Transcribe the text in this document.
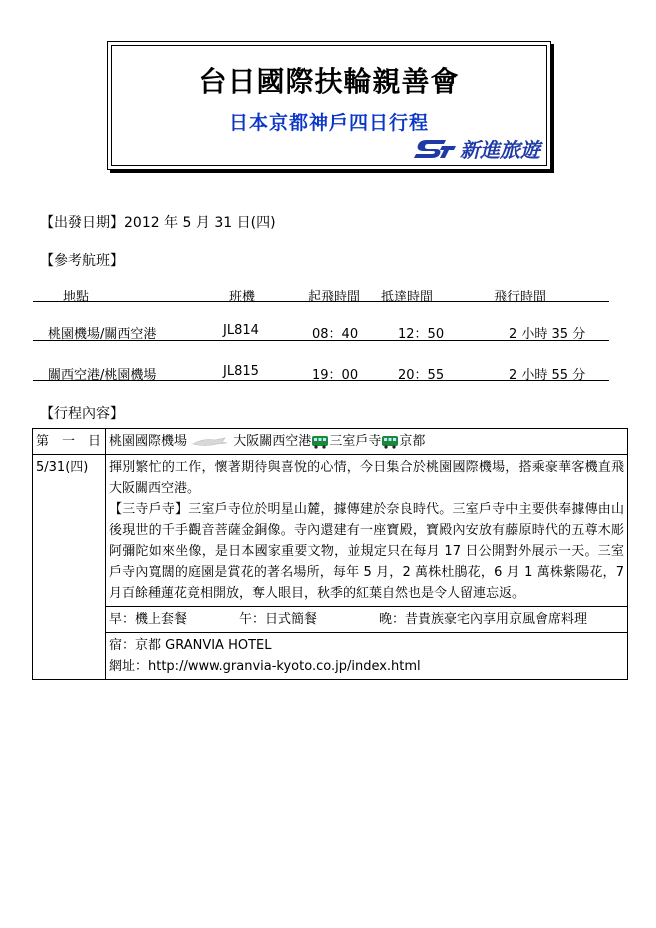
台日國際扶輪親善會
日本京都神戶四日行程
新進旅遊
【出發日期】2012 年 5 月 31 日(四)
【參考航班】
地點	班機	起飛時間 抵達時間	飛行時間
桃園機場/關西空港	JL814	08：40	12：50	2 小時 35 分
關西空港/桃園機場	JL815	19：00	20：55	2 小時 55 分
【行程內容】
第　一　日	桃園國際機場	大阪關西空港 三室戶寺 京都
5/31(四)	揮別繁忙的工作，懷著期待與喜悅的心情，今日集合於桃園國際機場，搭乘豪華客機直飛大阪關西空港。
【三寺戶寺】三室戶寺位於明星山麓，據傳建於奈良時代。三室戶寺中主要供奉據傳由山後現世的千手觀音菩薩金銅像。寺內還建有一座寶殿，寶殿內安放有藤原時代的五尊木彫阿彌陀如來坐像，是日本國家重要文物，並規定只在每月 17 日公開對外展示一天。三室戶寺內寬闊的庭園是賞花的著名場所，每年 5 月，2 萬株杜鵑花，6 月 1 萬株紫陽花，7 月百餘種蓮花竟相開放，奪人眼目，秋季的紅葉自然也是令人留連忘返。

早：機上套餐	午：日式簡餐	晚：昔貴族豪宅內享用京風會席料理

宿：京都 GRANVIA HOTEL
網址：http://www.granvia-kyoto.co.jp/index.html
